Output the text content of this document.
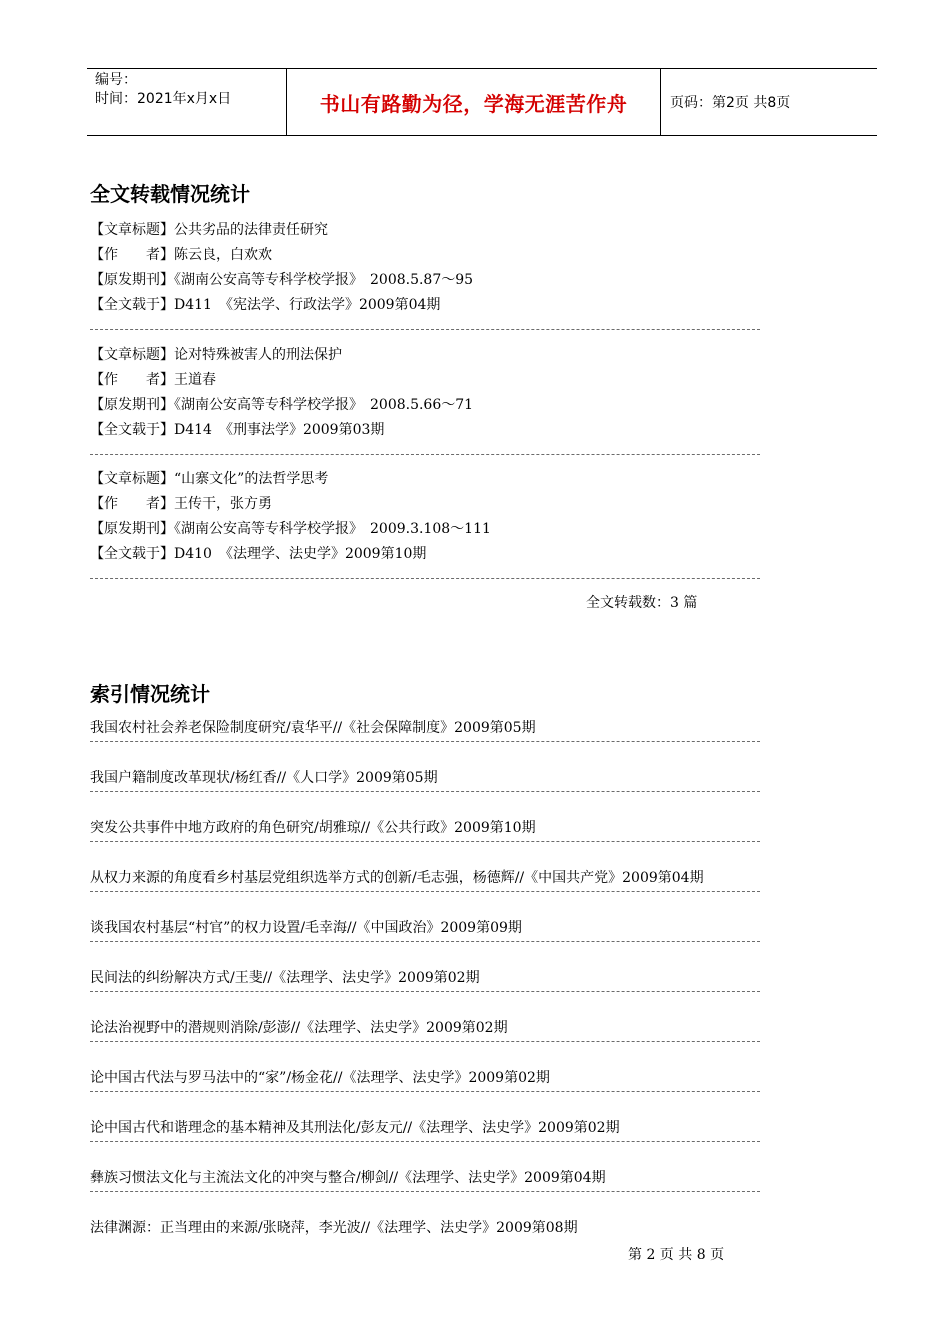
编号：
时间：2021年x月x日	书山有路勤为径，学海无涯苦作舟	页码：第2页 共8页
全文转载情况统计
【文章标题】公共劣品的法律责任研究
【作　　者】陈云良，白欢欢
【原发期刊】《湖南公安高等专科学校学报》　2008.5.87～95
【全文载于】D411　《宪法学、行政法学》2009第04期
【文章标题】论对特殊被害人的刑法保护
【作　　者】王道春
【原发期刊】《湖南公安高等专科学校学报》　2008.5.66～71
【全文载于】D414　《刑事法学》2009第03期
【文章标题】“山寨文化”的法哲学思考
【作　　者】王传干，张方勇
【原发期刊】《湖南公安高等专科学校学报》　2009.3.108～111
【全文载于】D410　《法理学、法史学》2009第10期
全文转载数：3 篇
索引情况统计
我国农村社会养老保险制度研究/袁华平//《社会保障制度》2009第05期
我国户籍制度改革现状/杨红香//《人口学》2009第05期
突发公共事件中地方政府的角色研究/胡雅琼//《公共行政》2009第10期
从权力来源的角度看乡村基层党组织选举方式的创新/毛志强，杨德辉//《中国共产党》2009第04期
谈我国农村基层“村官”的权力设置/毛幸海//《中国政治》2009第09期
民间法的纠纷解决方式/王斐//《法理学、法史学》2009第02期
论法治视野中的潜规则消除/彭澎//《法理学、法史学》2009第02期
论中国古代法与罗马法中的“家”/杨金花//《法理学、法史学》2009第02期
论中国古代和谐理念的基本精神及其刑法化/彭友元//《法理学、法史学》2009第02期
彝族习惯法文化与主流法文化的冲突与整合/柳剑//《法理学、法史学》2009第04期
法律渊源：正当理由的来源/张晓萍，李光波//《法理学、法史学》2009第08期
第 2 页 共 8 页
